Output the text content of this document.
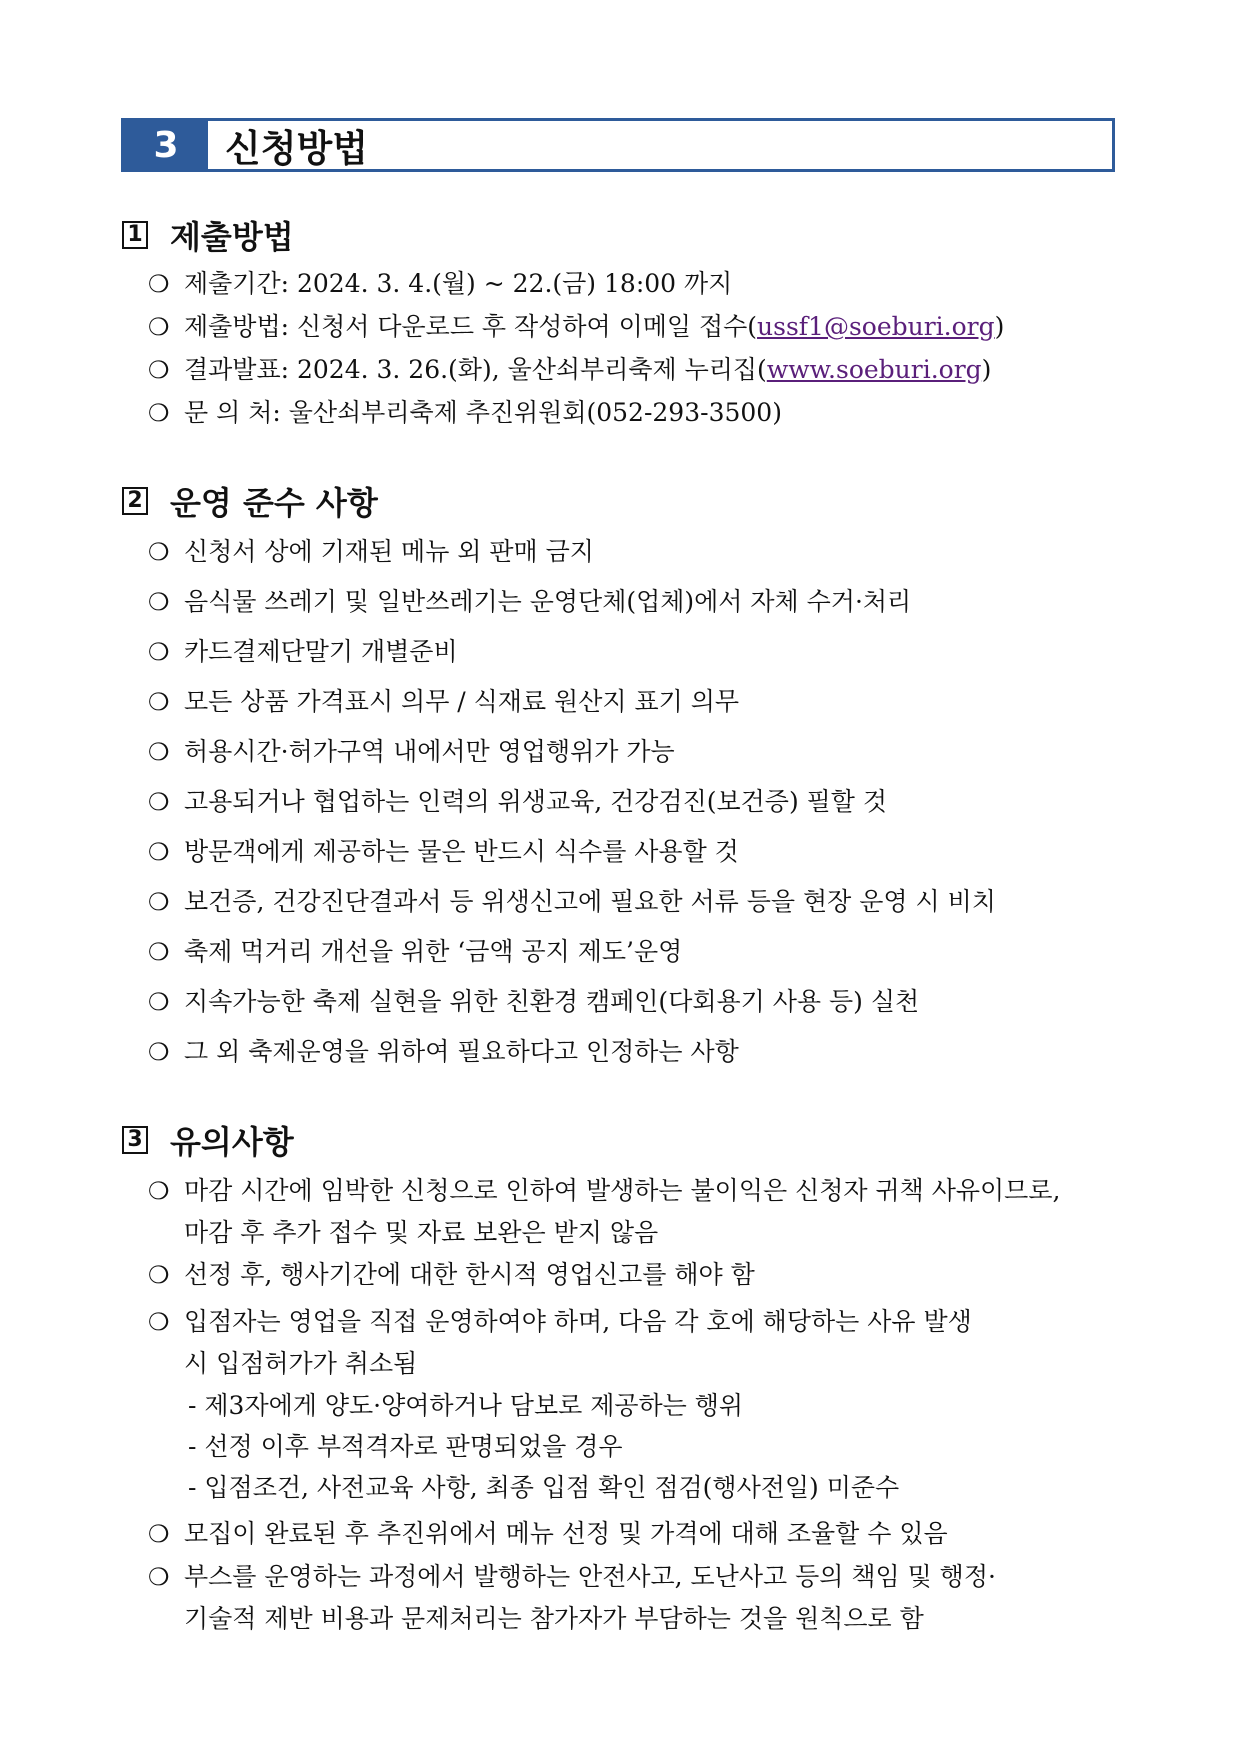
3	신청방법
1 제출방법
❍ 제출기간: 2024. 3. 4.(월) ~ 22.(금) 18:00 까지
❍ 제출방법: 신청서 다운로드 후 작성하여 이메일 접수(ussf1@soeburi.org)
❍ 결과발표: 2024. 3. 26.(화), 울산쇠부리축제 누리집(www.soeburi.org)
❍ 문 의 처: 울산쇠부리축제 추진위원회(052-293-3500)
2 운영 준수 사항
❍ 신청서 상에 기재된 메뉴 외 판매 금지
❍ 음식물 쓰레기 및 일반쓰레기는 운영단체(업체)에서 자체 수거·처리
❍ 카드결제단말기 개별준비
❍ 모든 상품 가격표시 의무 / 식재료 원산지 표기 의무
❍ 허용시간·허가구역 내에서만 영업행위가 가능
❍ 고용되거나 협업하는 인력의 위생교육, 건강검진(보건증) 필할 것
❍ 방문객에게 제공하는 물은 반드시 식수를 사용할 것
❍ 보건증, 건강진단결과서 등 위생신고에 필요한 서류 등을 현장 운영 시 비치
❍ 축제 먹거리 개선을 위한 ‘금액 공지 제도’운영
❍ 지속가능한 축제 실현을 위한 친환경 캠페인(다회용기 사용 등) 실천
❍ 그 외 축제운영을 위하여 필요하다고 인정하는 사항
3 유의사항
❍ 마감 시간에 임박한 신청으로 인하여 발생하는 불이익은 신청자 귀책 사유이므로,
마감 후 추가 접수 및 자료 보완은 받지 않음
❍ 선정 후, 행사기간에 대한 한시적 영업신고를 해야 함
❍ 입점자는 영업을 직접 운영하여야 하며, 다음 각 호에 해당하는 사유 발생
시 입점허가가 취소됨
- 제3자에게 양도·양여하거나 담보로 제공하는 행위
- 선정 이후 부적격자로 판명되었을 경우
- 입점조건, 사전교육 사항, 최종 입점 확인 점검(행사전일) 미준수
❍ 모집이 완료된 후 추진위에서 메뉴 선정 및 가격에 대해 조율할 수 있음
❍ 부스를 운영하는 과정에서 발행하는 안전사고, 도난사고 등의 책임 및 행정·
기술적 제반 비용과 문제처리는 참가자가 부담하는 것을 원칙으로 함
